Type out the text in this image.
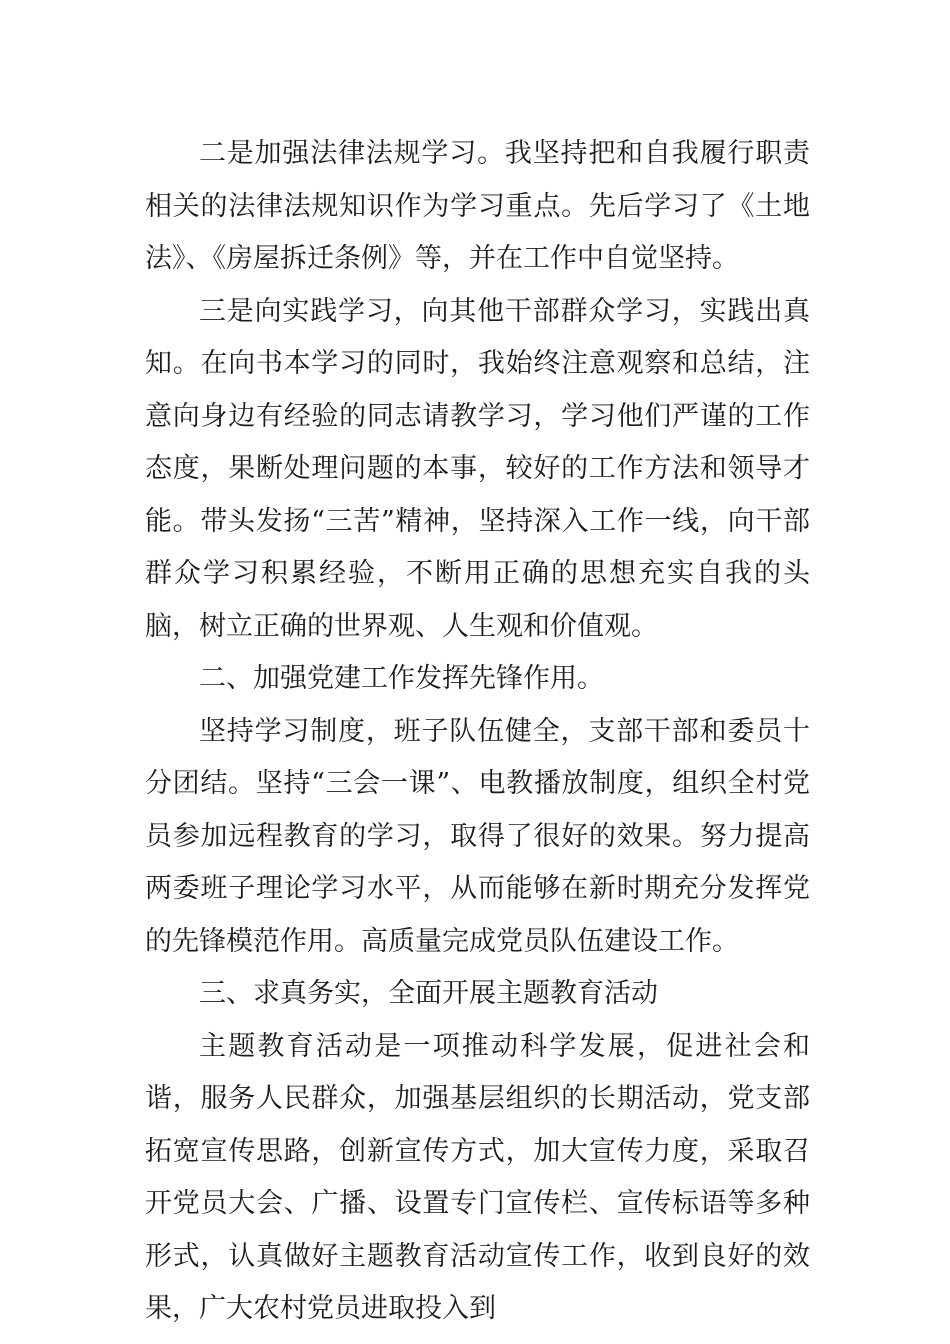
二是加强法律法规学习。我坚持把和自我履行职责相关的法律法规知识作为学习重点。先后学习了《土地法》、《房屋拆迁条例》等，并在工作中自觉坚持。

三是向实践学习，向其他干部群众学习，实践出真知。在向书本学习的同时，我始终注意观察和总结，注意向身边有经验的同志请教学习，学习他们严谨的工作态度，果断处理问题的本事，较好的工作方法和领导才能。带头发扬“三苦”精神，坚持深入工作一线，向干部群众学习积累经验，不断用正确的思想充实自我的头脑，树立正确的世界观、人生观和价值观。

二、加强党建工作发挥先锋作用。

坚持学习制度，班子队伍健全，支部干部和委员十分团结。坚持“三会一课”、电教播放制度，组织全村党员参加远程教育的学习，取得了很好的效果。努力提高两委班子理论学习水平，从而能够在新时期充分发挥党的先锋模范作用。高质量完成党员队伍建设工作。

三、求真务实，全面开展主题教育活动

主题教育活动是一项推动科学发展，促进社会和谐，服务人民群众，加强基层组织的长期活动，党支部拓宽宣传思路，创新宣传方式，加大宣传力度，采取召开党员大会、广播、设置专门宣传栏、宣传标语等多种形式，认真做好主题教育活动宣传工作，收到良好的效果，广大农村党员进取投入到
